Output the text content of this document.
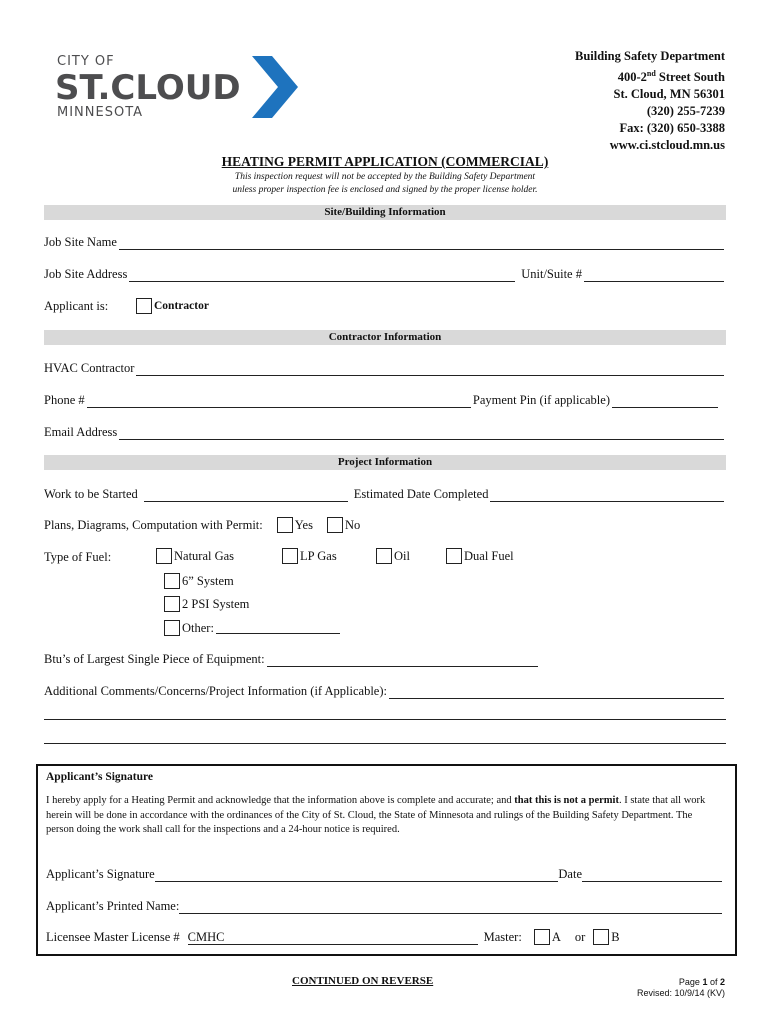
CITY OF
ST.CLOUD
MINNESOTA
Building Safety Department
400-2nd Street South
St. Cloud, MN 56301
(320) 255-7239
Fax: (320) 650-3388
www.ci.stcloud.mn.us
HEATING PERMIT APPLICATION (COMMERCIAL)
This inspection request will not be accepted by the Building Safety Department
unless proper inspection fee is enclosed and signed by the proper license holder.
Site/Building Information
Job Site Name
Job Site Address	Unit/Suite #
Applicant is:	Contractor
Contractor Information
HVAC Contractor
Phone #	Payment Pin (if applicable)
Email Address
Project Information
Work to be Started	Estimated Date Completed
Plans, Diagrams, Computation with Permit:	Yes	No
Type of Fuel:	Natural Gas	LP Gas	Oil	Dual Fuel
6” System
2 PSI System
Other:
Btu’s of Largest Single Piece of Equipment:
Additional Comments/Concerns/Project Information (if Applicable):
Applicant’s Signature
I hereby apply for a Heating Permit and acknowledge that the information above is complete and accurate; and that this is not a permit. I state that all work herein will be done in accordance with the ordinances of the City of St. Cloud, the State of Minnesota and rulings of the Building Safety Department. The person doing the work shall call for the inspections and a 24-hour notice is required.
Applicant’s Signature	Date
Applicant’s Printed Name:
Licensee Master License # CMHC	Master: A or B
CONTINUED ON REVERSE	Page 1 of 2
Revised: 10/9/14 (KV)
